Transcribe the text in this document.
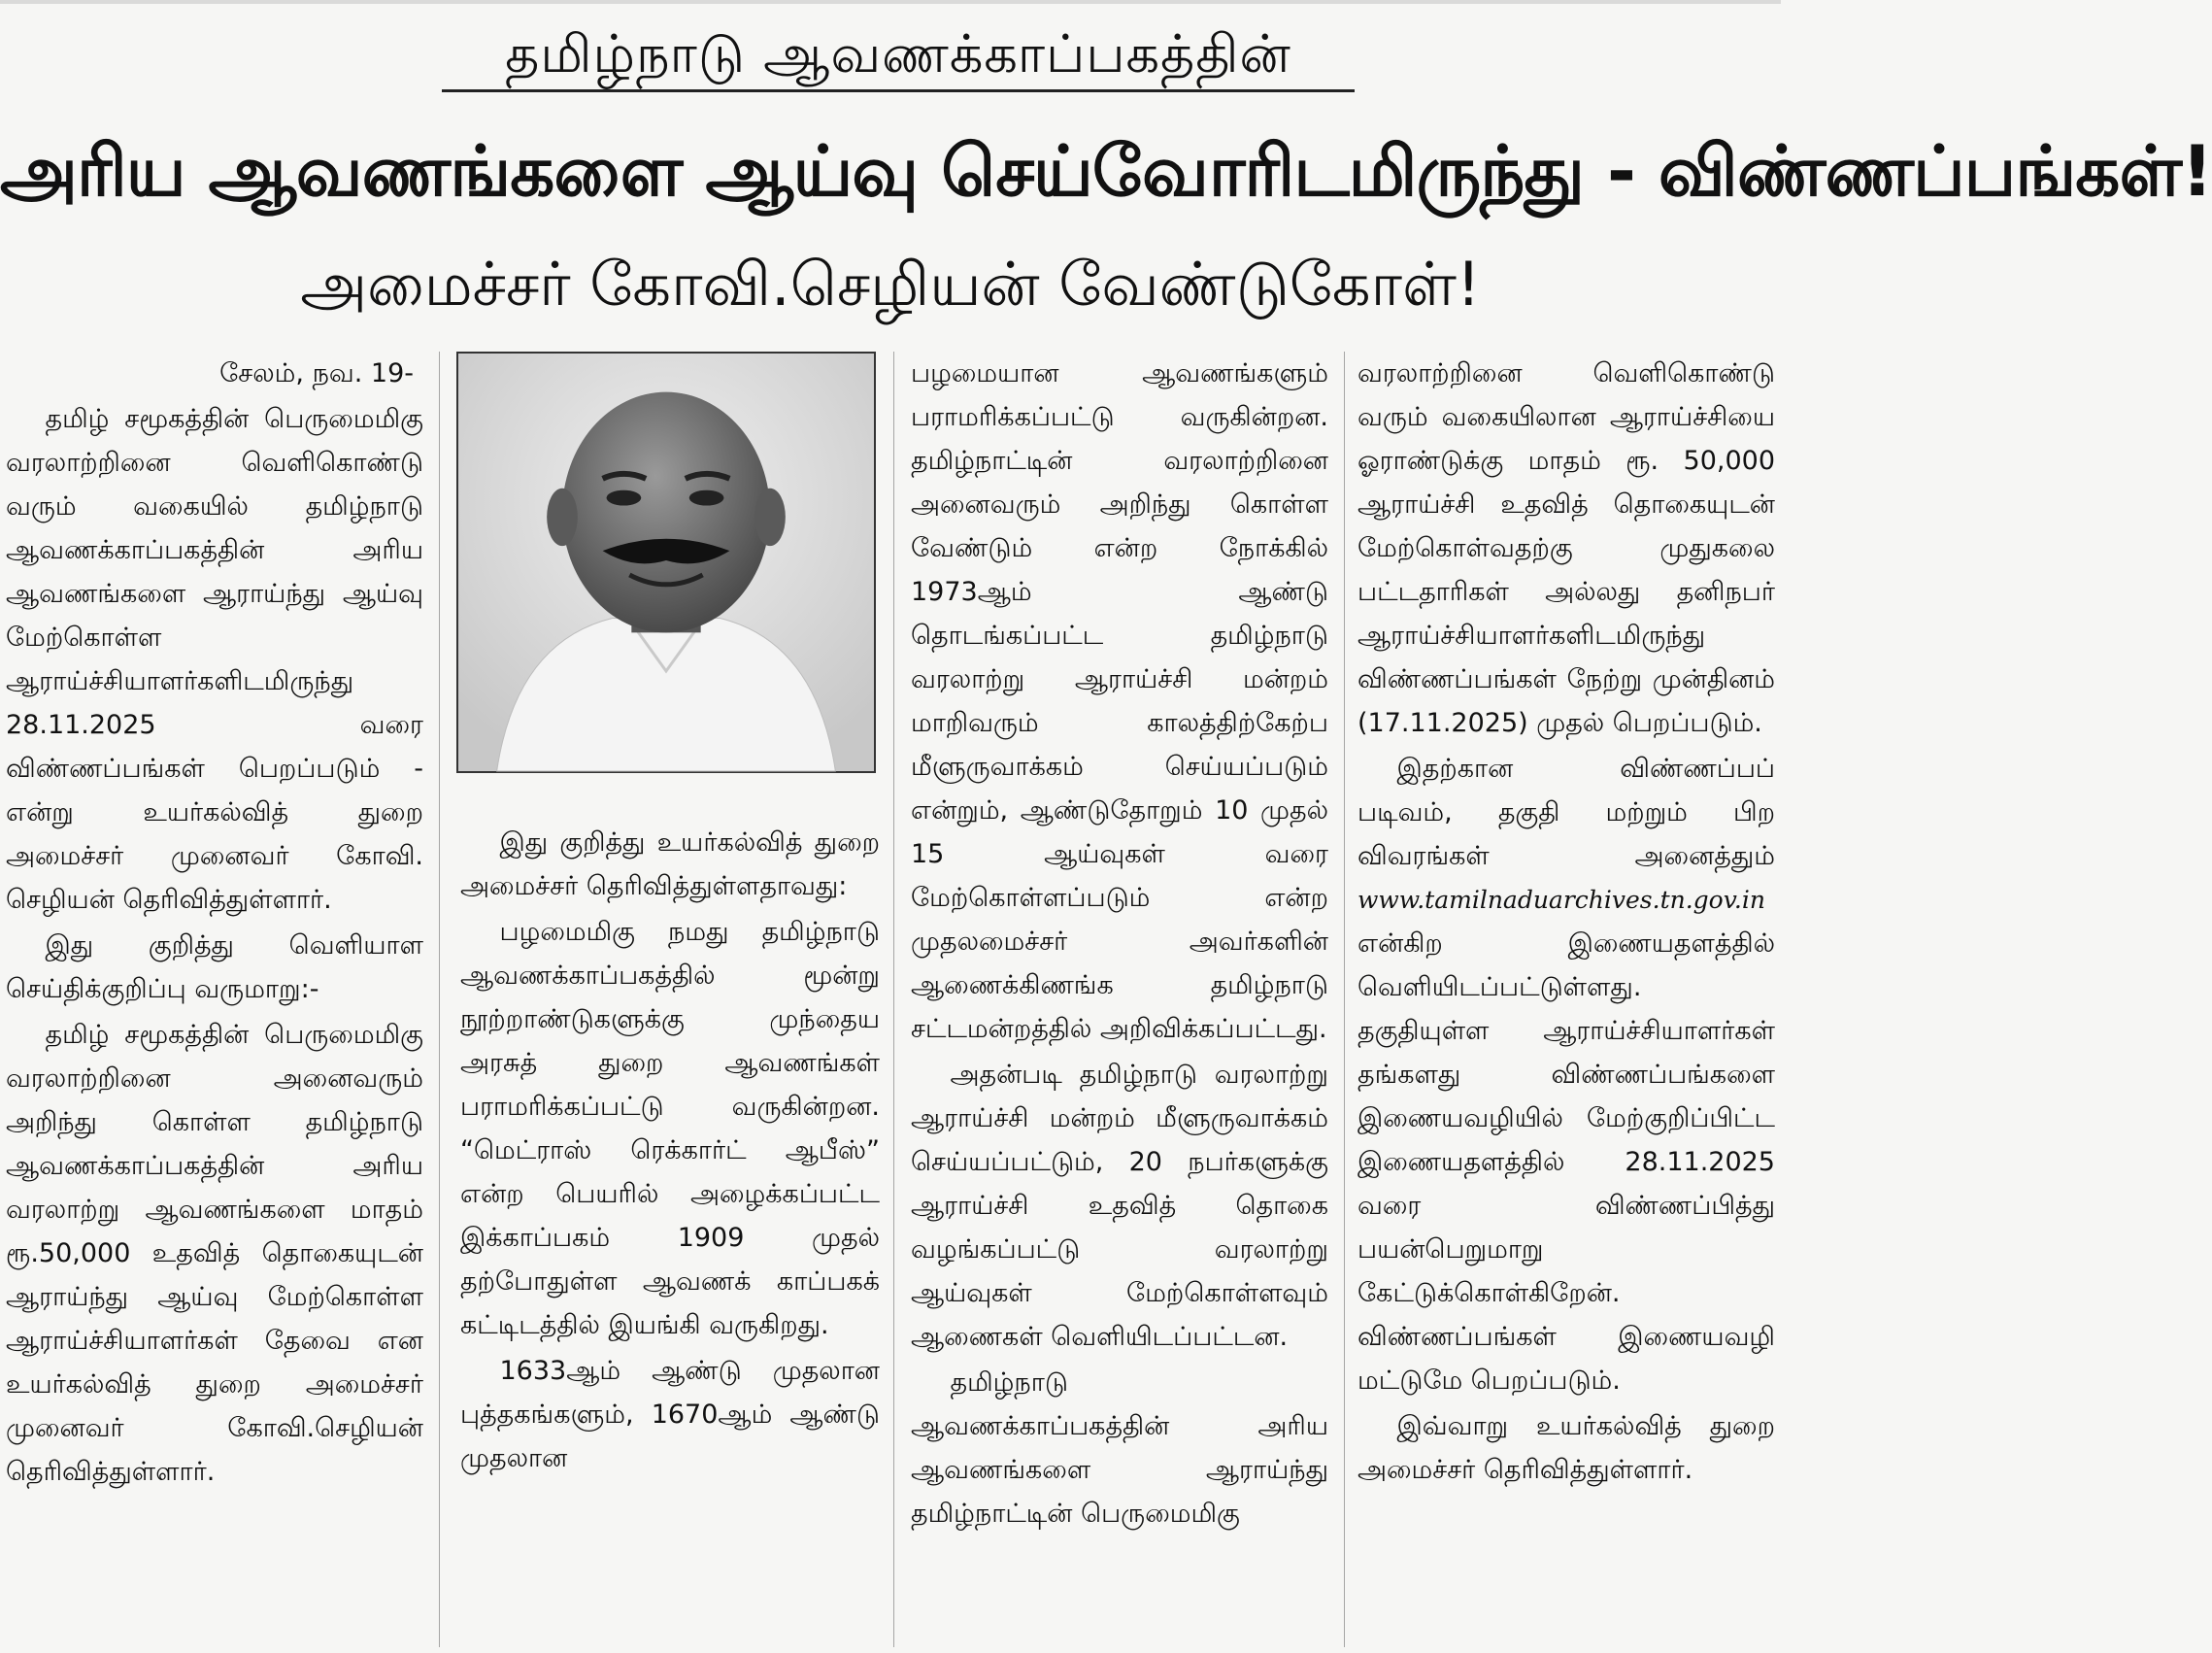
தமிழ்நாடு ஆவணக்காப்பகத்தின்
அரிய ஆவணங்களை ஆய்வு செய்வோரிடமிருந்து - விண்ணப்பங்கள்!
அமைச்சர் கோவி.செழியன் வேண்டுகோள்!

சேலம், நவ. 19-

தமிழ் சமூகத்தின் பெருமைமிகு வரலாற்றினை வெளிகொண்டு வரும் வகையில் தமிழ்நாடு ஆவணக்காப்பகத்தின் அரிய ஆவணங்களை ஆராய்ந்து ஆய்வு மேற்கொள்ள ஆராய்ச்சியாளர்களிடமிருந்து 28.11.2025 வரை விண்ணப்பங்கள் பெறப்படும் - என்று உயர்கல்வித் துறை அமைச்சர் முனைவர் கோவி. செழியன் தெரிவித்துள்ளார்.

இது குறித்து வெளியாள செய்திக்குறிப்பு வருமாறு:-

தமிழ் சமூகத்தின் பெருமைமிகு வரலாற்றினை அனைவரும் அறிந்து கொள்ள தமிழ்நாடு ஆவணக்காப்பகத்தின் அரிய வரலாற்று ஆவணங்களை மாதம் ரூ.50,000 உதவித் தொகையுடன் ஆராய்ந்து ஆய்வு மேற்கொள்ள ஆராய்ச்சியாளர்கள் தேவை என உயர்கல்வித் துறை அமைச்சர் முனைவர் கோவி.செழியன் தெரிவித்துள்ளார்.

இது குறித்து உயர்கல்வித் துறை அமைச்சர் தெரிவித்துள்ளதாவது:

பழமைமிகு நமது தமிழ்நாடு ஆவணக்காப்பகத்தில் மூன்று நூற்றாண்டுகளுக்கு முந்தைய அரசுத் துறை ஆவணங்கள் பராமரிக்கப்பட்டு வருகின்றன. “மெட்ராஸ் ரெக்கார்ட் ஆபீஸ்” என்ற பெயரில் அழைக்கப்பட்ட இக்காப்பகம் 1909 முதல் தற்போதுள்ள ஆவணக் காப்பகக் கட்டிடத்தில் இயங்கி வருகிறது.

1633ஆம் ஆண்டு முதலான புத்தகங்களும், 1670ஆம் ஆண்டு முதலான

பழமையான ஆவணங்களும் பராமரிக்கப்பட்டு வருகின்றன. தமிழ்நாட்டின் வரலாற்றினை அனைவரும் அறிந்து கொள்ள வேண்டும் என்ற நோக்கில் 1973ஆம் ஆண்டு தொடங்கப்பட்ட தமிழ்நாடு வரலாற்று ஆராய்ச்சி மன்றம் மாறிவரும் காலத்திற்கேற்ப மீளுருவாக்கம் செய்யப்படும் என்றும், ஆண்டுதோறும் 10 முதல் 15 ஆய்வுகள் வரை மேற்கொள்ளப்படும் என்ற முதலமைச்சர் அவர்களின் ஆணைக்கிணங்க தமிழ்நாடு சட்டமன்றத்தில் அறிவிக்கப்பட்டது.

அதன்படி தமிழ்நாடு வரலாற்று ஆராய்ச்சி மன்றம் மீளுருவாக்கம் செய்யப்பட்டும், 20 நபர்களுக்கு ஆராய்ச்சி உதவித் தொகை வழங்கப்பட்டு வரலாற்று ஆய்வுகள் மேற்கொள்ளவும் ஆணைகள் வெளியிடப்பட்டன.

தமிழ்நாடு ஆவணக்காப்பகத்தின் அரிய ஆவணங்களை ஆராய்ந்து தமிழ்நாட்டின் பெருமைமிகு

வரலாற்றினை வெளிகொண்டு வரும் வகையிலான ஆராய்ச்சியை ஓராண்டுக்கு மாதம் ரூ. 50,000 ஆராய்ச்சி உதவித் தொகையுடன் மேற்கொள்வதற்கு முதுகலை பட்டதாரிகள் அல்லது தனிநபர் ஆராய்ச்சியாளர்களிடமிருந்து விண்ணப்பங்கள் நேற்று முன்தினம் (17.11.2025) முதல் பெறப்படும்.

இதற்கான விண்ணப்பப் படிவம், தகுதி மற்றும் பிற விவரங்கள் அனைத்தும் www.tamilnaduarchives.tn.gov.in என்கிற இணையதளத்தில் வெளியிடப்பட்டுள்ளது. தகுதியுள்ள ஆராய்ச்சியாளர்கள் தங்களது விண்ணப்பங்களை இணையவழியில் மேற்குறிப்பிட்ட இணையதளத்தில் 28.11.2025 வரை விண்ணப்பித்து பயன்பெறுமாறு கேட்டுக்கொள்கிறேன். விண்ணப்பங்கள் இணையவழி மட்டுமே பெறப்படும்.

இவ்வாறு உயர்கல்வித் துறை அமைச்சர் தெரிவித்துள்ளார்.
